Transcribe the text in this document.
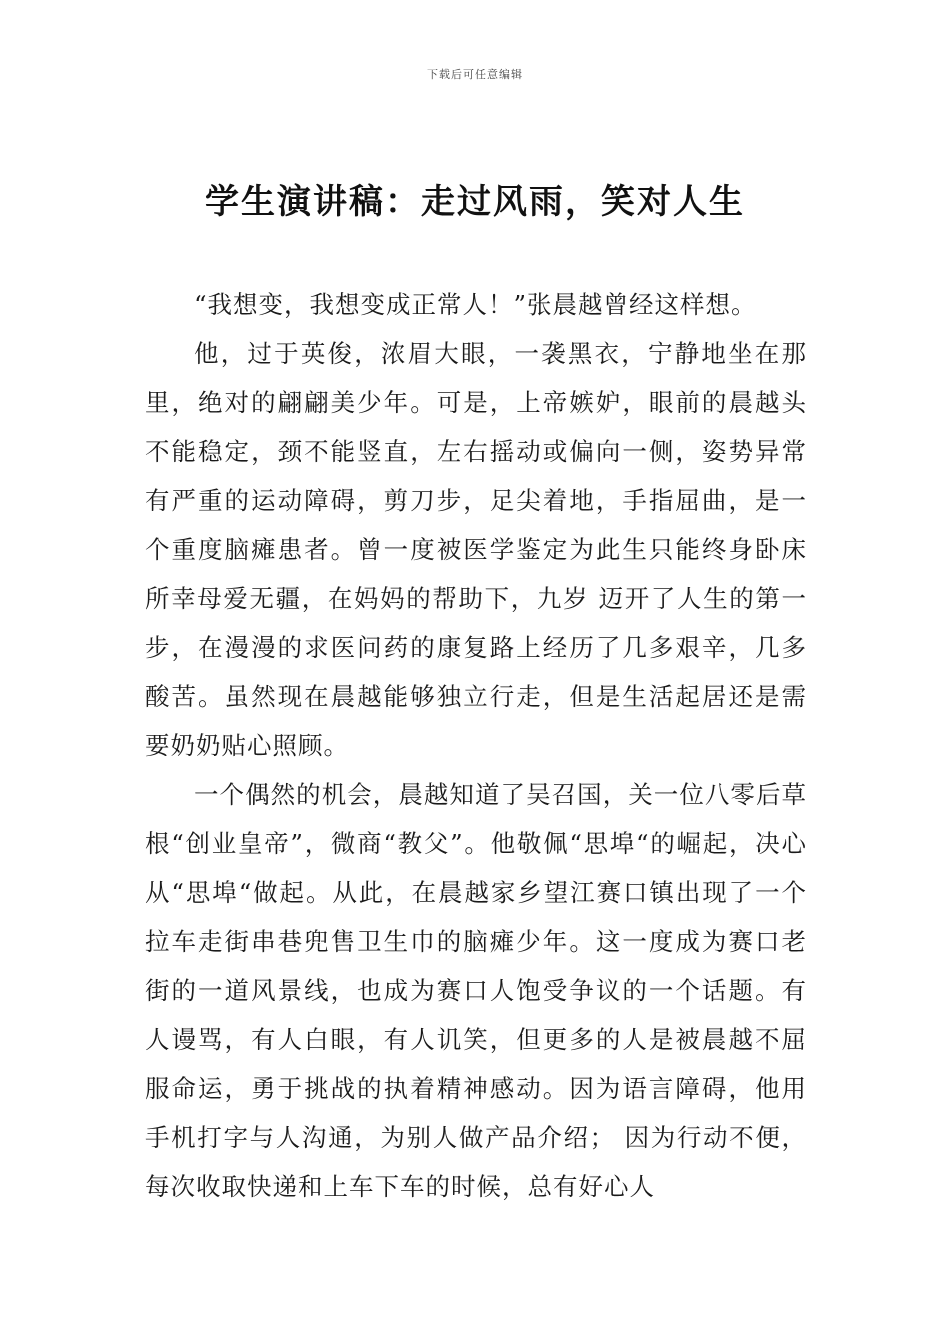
下载后可任意编辑
学生演讲稿：走过风雨，笑对人生

“我想变，我想变成正常人！”张晨越曾经这样想。

他，过于英俊，浓眉大眼，一袭黑衣，宁静地坐在那里，绝对的翩翩美少年。可是，上帝嫉妒，眼前的晨越头不能稳定，颈不能竖直，左右摇动或偏向一侧，姿势异常有严重的运动障碍，剪刀步，足尖着地，手指屈曲，是一个重度脑瘫患者。曾一度被医学鉴定为此生只能终身卧床所幸母爱无疆，在妈妈的帮助下，九岁 迈开了人生的第一步，在漫漫的求医问药的康复路上经历了几多艰辛，几多酸苦。虽然现在晨越能够独立行走，但是生活起居还是需要奶奶贴心照顾。

一个偶然的机会，晨越知道了吴召国，关一位八零后草根“创业皇帝”，微商“教父”。他敬佩“思埠“的崛起，决心从“思埠“做起。从此，在晨越家乡望江赛口镇出现了一个拉车走街串巷兜售卫生巾的脑瘫少年。这一度成为赛口老街的一道风景线，也成为赛口人饱受争议的一个话题。有人谩骂，有人白眼，有人讥笑，但更多的人是被晨越不屈服命运，勇于挑战的执着精神感动。因为语言障碍，他用手机打字与人沟通，为别人做产品介绍； 因为行动不便，每次收取快递和上车下车的时候，总有好心人
